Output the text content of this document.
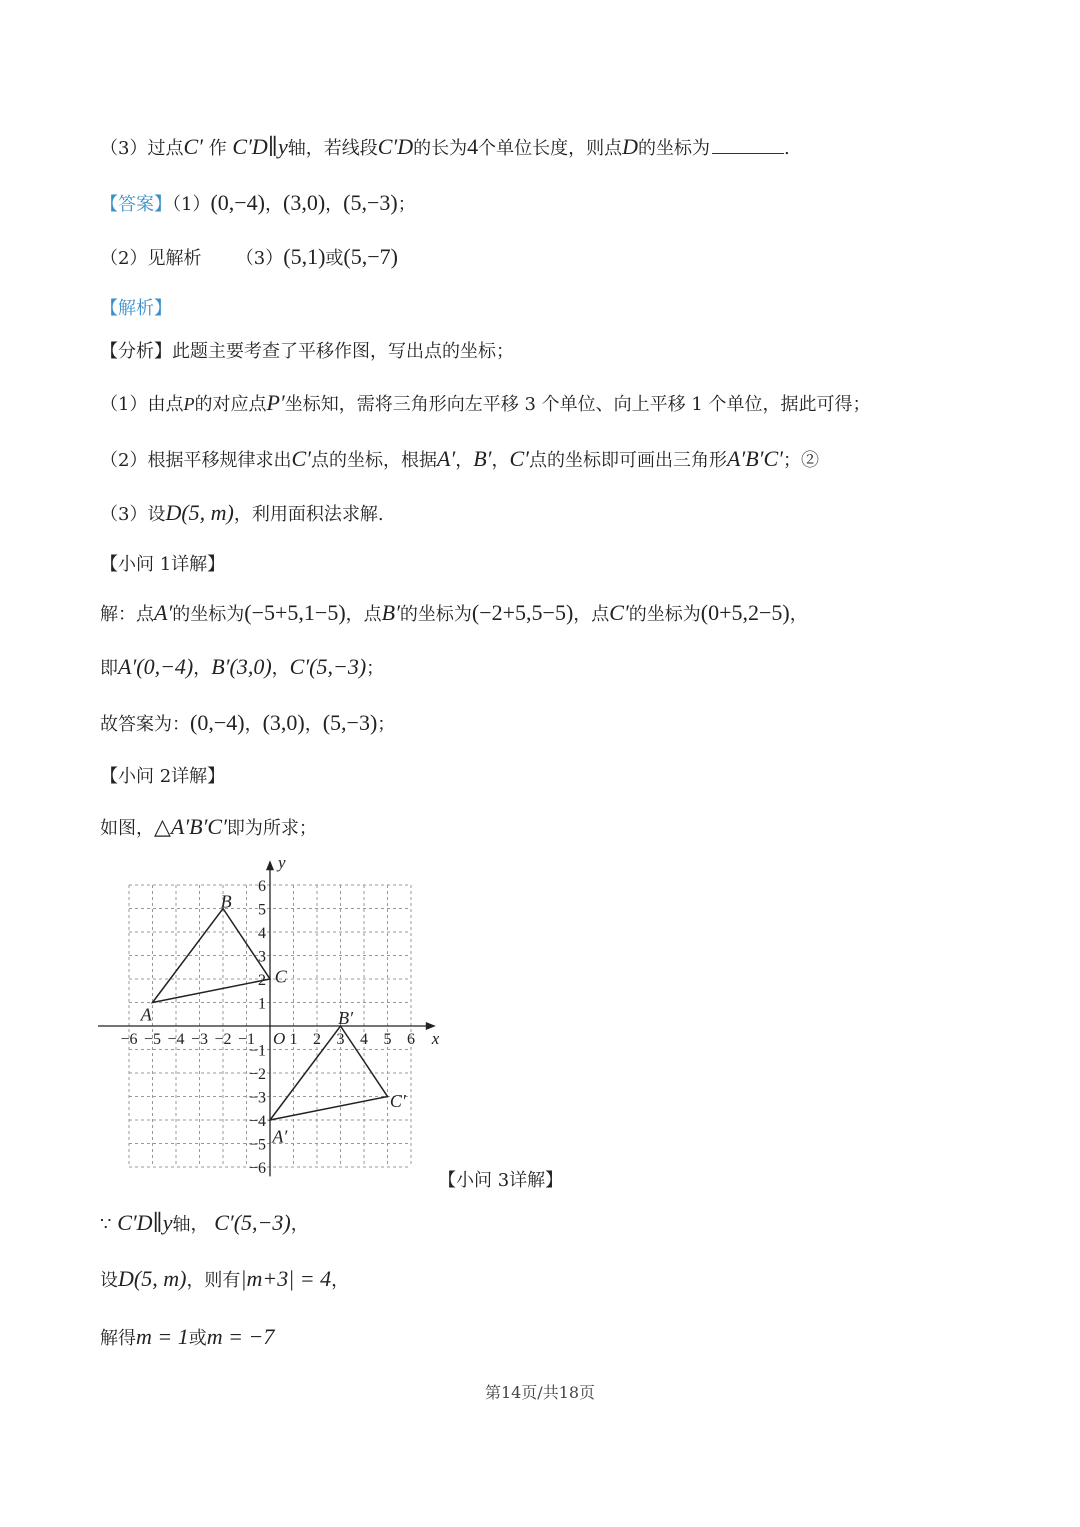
（3）过点C′ 作 C′D∥y轴，若线段C′D的长为4个单位长度，则点D的坐标为	.
【答案】（1）(0,−4)，(3,0)，(5,−3)；
（2）见解析 （3）(5,1)或(5,−7)
【解析】
【分析】此题主要考查了平移作图，写出点的坐标；
（1）由点P的对应点P′坐标知，需将三角形向左平移 3 个单位、向上平移 1 个单位，据此可得；
（2）根据平移规律求出C′点的坐标，根据A′，B′，C′点的坐标即可画出三角形A′B′C′；②
（3）设D(5, m)，利用面积法求解.
【小问 1详解】
解：点A′的坐标为(−5+5,1−5)，点B′的坐标为(−2+5,5−5)，点C′的坐标为(0+5,2−5)，
即A′(0,−4)，B′(3,0)，C′(5,−3)；
故答案为：(0,−4)，(3,0)，(5,−3)；
【小问 2详解】
如图，△A′B′C′即为所求；
−6 −5 −4 −3 −2 −1 1 2 3 4 5 6
6
5
4
3
2
1
−1
−2
−3
−4
−5
−6
O	x
y
A
B
C
B′
C′
A′
【小问 3详解】
∵ C′D∥y轴， C′(5,−3)，
设D(5, m)，则有|m+3| = 4，
解得m = 1或m = −7
第14页/共18页
